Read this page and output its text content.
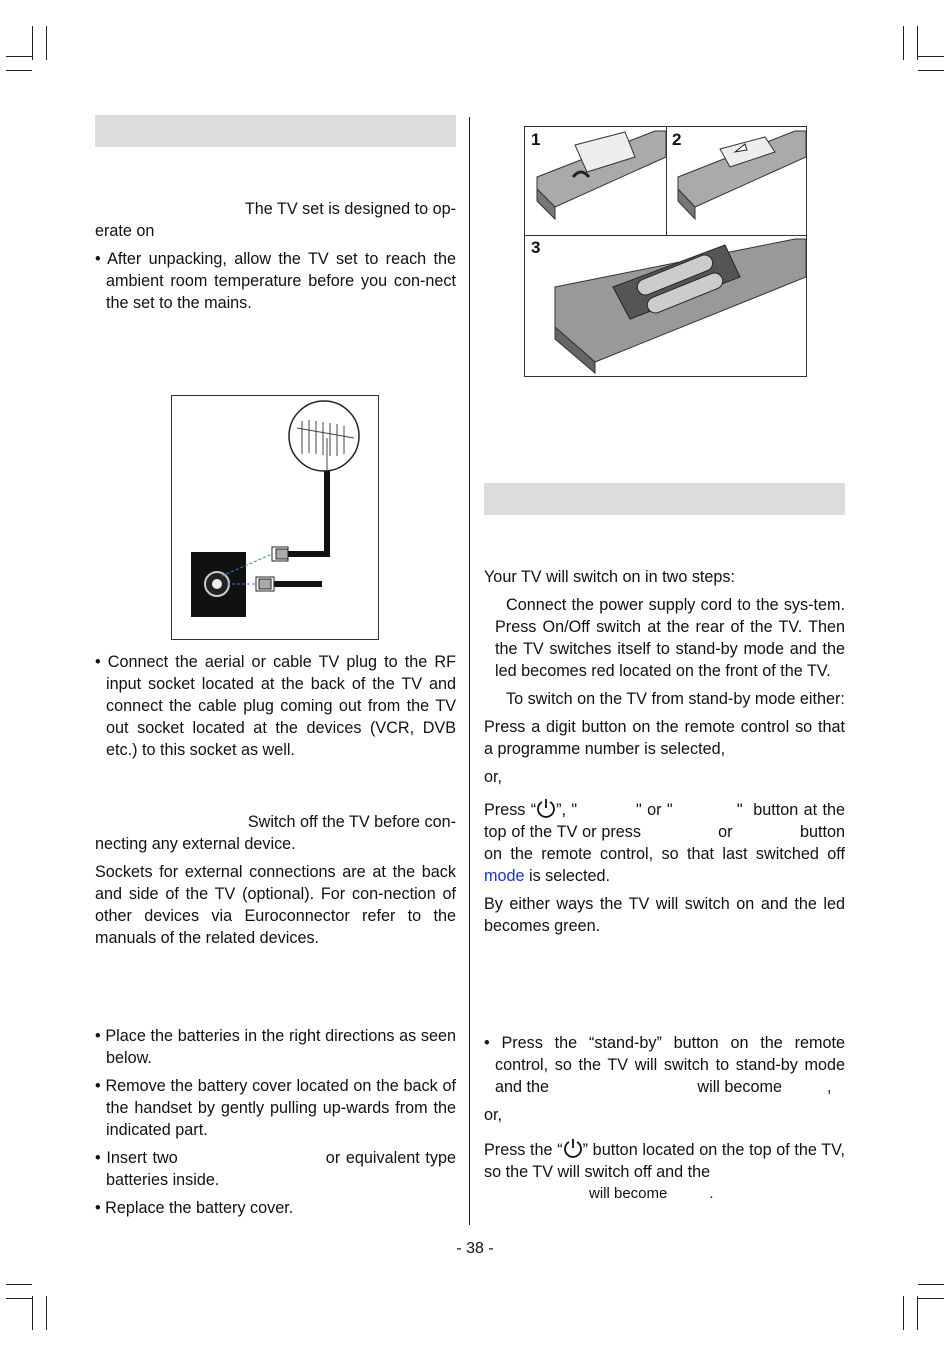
The TV set is designed to op-

erate on

• After unpacking, allow the TV set to reach the ambient room temperature before you con-nect the set to the mains.

• Connect the aerial or cable TV plug to the RF input socket located at the back of the TV and connect the cable plug coming out from the TV out socket located at the devices (VCR, DVB etc.) to this socket as well.

Switch off the TV before con-

necting any external device.

Sockets for external connections are at the back and side of the TV (optional). For con-nection of other devices via Euroconnector refer to the manuals of the related devices.

• Place the batteries in the right directions as seen below.

• Remove the battery cover located on the back of the handset by gently pulling up-wards from the indicated part.

• Insert two                          or equivalent type batteries inside.

• Replace the battery cover.

1	2
3

Your TV will switch on in two steps:

Connect the power supply cord to the sys-tem. Press On/Off switch at the rear of the TV. Then the TV switches itself to stand-by mode and the led becomes red located on the front of the TV.

To switch on the TV from stand-by mode either:

Press a digit button on the remote control so that a programme number is selected,

or,

Press “ ”, "           " or "            "  button at the top of the TV or press                or              button on the remote control, so that last switched off mode is selected.

By either ways the TV will switch on and the led becomes green.

• Press the “stand-by” button on the remote control, so the TV will switch to stand-by mode and the                                 will become          ,

or,

Press the “ ” button located on the top of the TV, so the TV will switch off and the

will become	.

- 38 -
